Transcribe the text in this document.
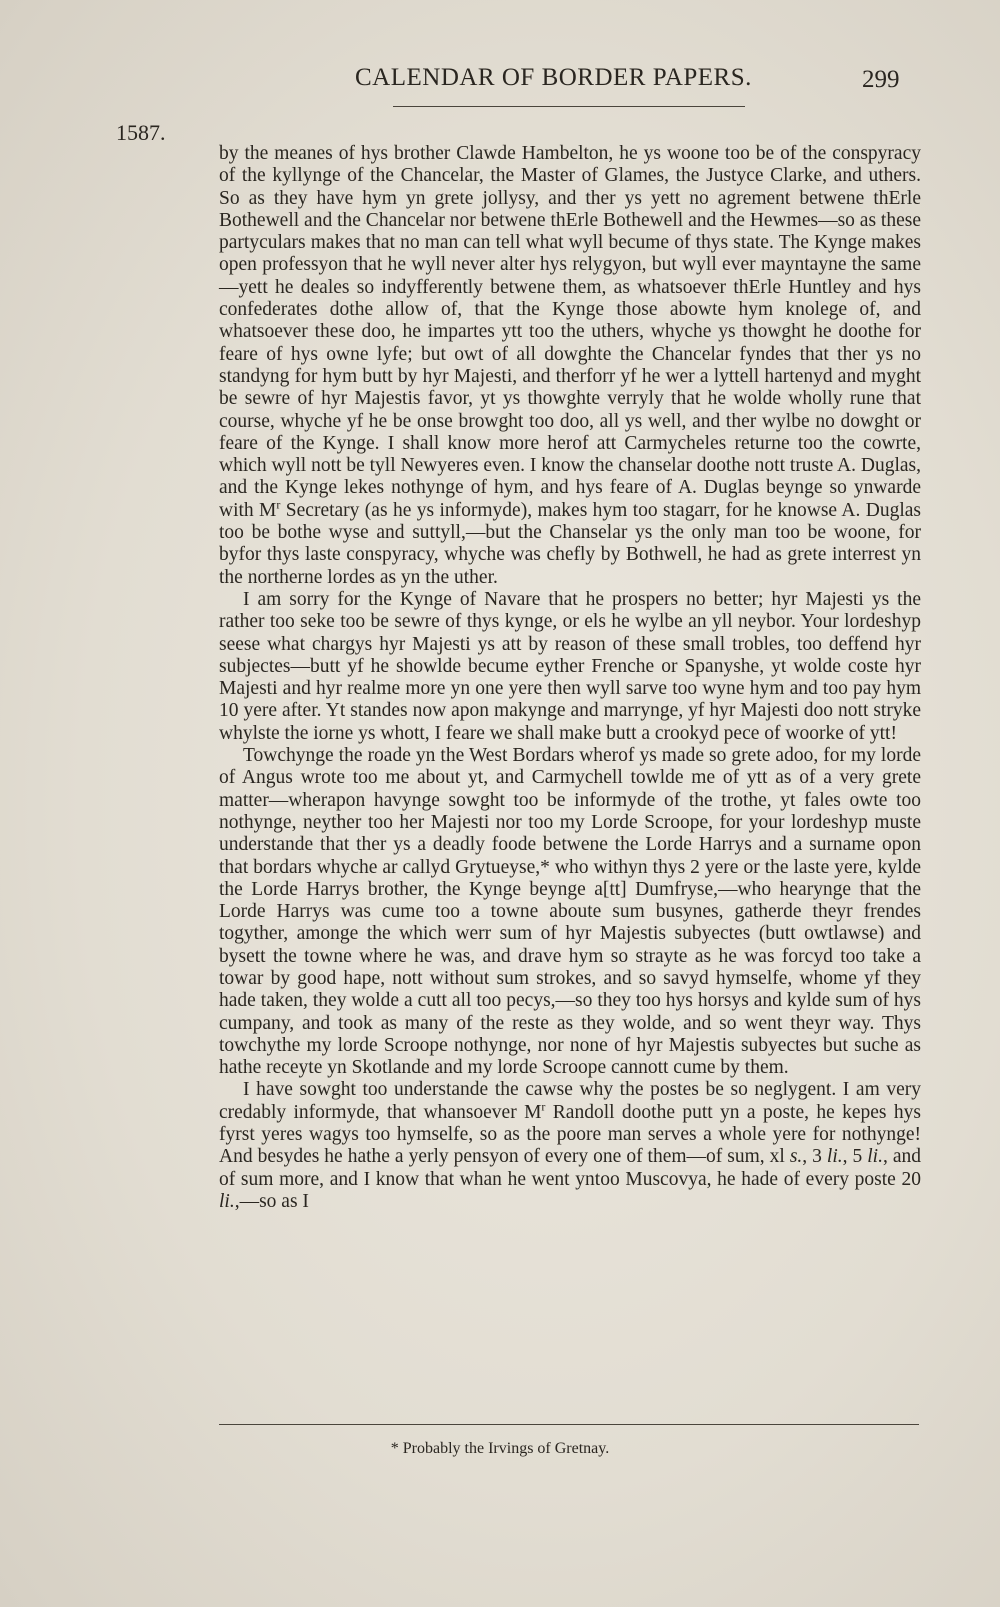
CALENDAR OF BORDER PAPERS.	299
1587.

by the meanes of hys brother Clawde Hambelton, he ys woone too be of the conspyracy of the kyllynge of the Chancelar, the Master of Glames, the Justyce Clarke, and uthers. So as they have hym yn grete jollysy, and ther ys yett no agrement betwene thErle Bothewell and the Chancelar nor betwene thErle Bothewell and the Hewmes—so as these partyculars makes that no man can tell what wyll becume of thys state. The Kynge makes open professyon that he wyll never alter hys relygyon, but wyll ever mayntayne the same—yett he deales so indyfferently betwene them, as whatsoever thErle Huntley and hys confederates dothe allow of, that the Kynge those abowte hym knolege of, and whatsoever these doo, he impartes ytt too the uthers, whyche ys thowght he doothe for feare of hys owne lyfe; but owt of all dowghte the Chancelar fyndes that ther ys no standyng for hym butt by hyr Majesti, and therforr yf he wer a lyttell hartenyd and myght be sewre of hyr Majestis favor, yt ys thowghte verryly that he wolde wholly rune that course, whyche yf he be onse browght too doo, all ys well, and ther wylbe no dowght or feare of the Kynge. I shall know more herof att Carmycheles returne too the cowrte, which wyll nott be tyll Newyeres even. I know the chanselar doothe nott truste A. Duglas, and the Kynge lekes nothynge of hym, and hys feare of A. Duglas beynge so ynwarde with $M^r$ Secretary (as he ys informyde), makes hym too stagarr, for he knowse A. Duglas too be bothe wyse and suttyll,—but the Chanselar ys the only man too be woone, for byfor thys laste conspyracy, whyche was chefly by Bothwell, he had as grete interrest yn the northerne lordes as yn the uther.

I am sorry for the Kynge of Navare that he prospers no better; hyr Majesti ys the rather too seke too be sewre of thys kynge, or els he wylbe an yll neybor. Your lordeshyp seese what chargys hyr Majesti ys att by reason of these small trobles, too deffend hyr subjectes—butt yf he showlde becume eyther Frenche or Spanyshe, yt wolde coste hyr Majesti and hyr realme more yn one yere then wyll sarve too wyne hym and too pay hym 10 yere after. Yt standes now apon makynge and marrynge, yf hyr Majesti doo nott stryke whylste the iorne ys whott, I feare we shall make butt a crookyd pece of woorke of ytt!

Towchynge the roade yn the West Bordars wherof ys made so grete adoo, for my lorde of Angus wrote too me about yt, and Carmychell towlde me of ytt as of a very grete matter—wherapon havynge sowght too be informyde of the trothe, yt fales owte too nothynge, neyther too her Majesti nor too my Lorde Scroope, for your lordeshyp muste understande that ther ys a deadly foode betwene the Lorde Harrys and a surname opon that bordars whyche ar callyd Grytueyse,* who withyn thys 2 yere or the laste yere, kylde the Lorde Harrys brother, the Kynge beynge a[tt] Dumfryse,—who hearynge that the Lorde Harrys was cume too a towne aboute sum busynes, gatherde theyr frendes togyther, amonge the which werr sum of hyr Majestis subyectes (butt owtlawse) and bysett the towne where he was, and drave hym so strayte as he was forcyd too take a towar by good hape, nott without sum strokes, and so savyd hymselfe, whome yf they hade taken, they wolde a cutt all too pecys,—so they too hys horsys and kylde sum of hys cumpany, and took as many of the reste as they wolde, and so went theyr way. Thys towchythe my lorde Scroope nothynge, nor none of hyr Majestis subyectes but suche as hathe receyte yn Skotlande and my lorde Scroope cannott cume by them.

I have sowght too understande the cawse why the postes be so neglygent. I am very credably informyde, that whansoever $M^r$ Randoll doothe putt yn a poste, he kepes hys fyrst yeres wagys too hymselfe, so as the poore man serves a whole yere for nothynge! And besydes he hathe a yerly pensyon of every one of them—of sum, xl s., 3 li., 5 li., and of sum more, and I know that whan he went yntoo Muscovya, he hade of every poste 20 li.,—so as I

* Probably the Irvings of Gretnay.
